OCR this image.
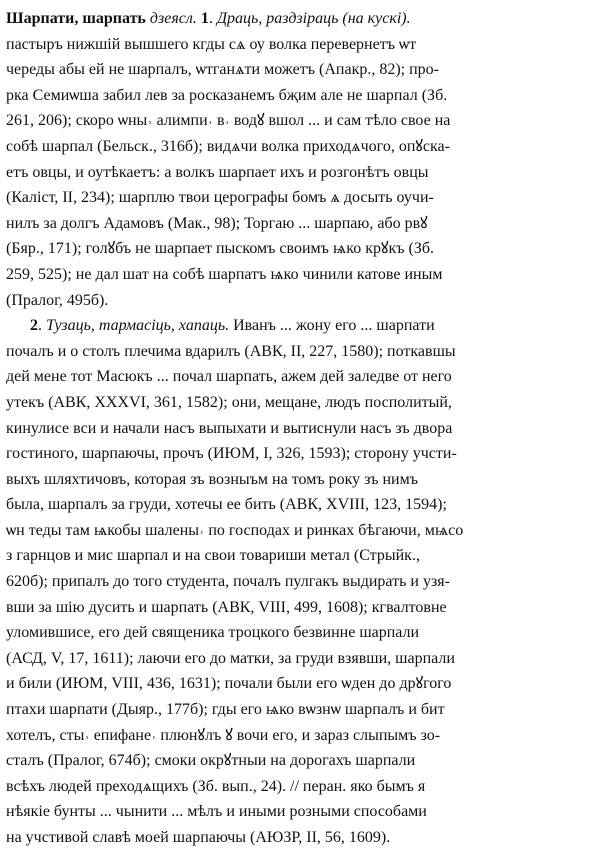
Шарпати, шарпать дзеясл. 1. Драць, раздзіраць (на кускі).
пастыръ нижшій вышшего кгды сѧ оу волка перевернетъ ѡт
череды абы ей не шарпалъ, ѡтганѧти можетъ (Апакр., 82); про-
рка Семиѡша забил лев за росказанемъ бҗим але не шарпал (Зб.
261, 206); скоро ѡны˒ алимпи˒ в˒ водꙋ вшол ... и сам тѣло свое на
собѣ шарпал (Бельск., 316б); видѧчи волка приходѧчого, опꙋска-
етъ овцы, и оутѣкаетъ: а волкъ шарпает ихъ и розгонѣтъ овцы
(Каліст, ІІ, 234); шарплю твои церографы бомъ ѧ досыть оучи-
нилъ за долгъ Адамовъ (Мак., 98); Торгаю ... шарпаю, або рвꙋ
(Бяр., 171); голꙋбъ не шарпает пыскомъ своимъ ѩко крꙋкъ (Зб.
259, 525); не дал шат на собѣ шарпатъ ѩко чинили катове иным
(Пралог, 495б).
2. Тузаць, тармасіць, хапаць. Иванъ ... жону его ... шарпати
почалъ и о столъ плечима вдарилъ (АВК, ІІ, 227, 1580); поткавшы
дей мене тот Масюкъ ... почал шарпать, ажем дей заледве от него
утекъ (АВК, XXXVI, 361, 1582); они, мещане, людъ посполитый,
кинулисе вси и начали насъ выпыхати и вытиснули насъ зъ двора
гостиного, шарпаючы, прочъ (ИЮМ, І, 326, 1593); сторону учсти-
выхъ шляхтичовъ, которая зъ возныъм на томъ року зъ нимъ
была, шарпалъ за груди, хотечы ее бить (АВК, XVIII, 123, 1594);
ѡн теды там ѩкобы шалены˒ по господах и ринках бѣгаючи, мѩсо
з гарнцов и мис шарпал и на свои товариши метал (Стрыйк.,
620б); припалъ до того студента, почалъ пулгакъ выдирать и узя-
вши за шію дусить и шарпать (АВК, VIII, 499, 1608); кгвалтовне
уломившисе, его дей священика троцкого безвинне шарпали
(АСД, V, 17, 1611); лаючи его до матки, за груди взявши, шарпали
и били (ИЮМ, VIII, 436, 1631); почали были его ѡден до дрꙋгого
птахи шарпати (Дыяр., 177б); гды его ѩко вѡзнѡ шарпалъ и бит
хотелъ, сты˒ епифане˒ плюнꙋлъ ꙋ вочи его, и зараз слыпымъ зо-
сталъ (Пралог, 674б); смоки окрꙋтныи на дорогахъ шарпали
всѣхъ людей преходѧщихъ (Зб. вып., 24). // перан. яко бымъ я
нѣякіе бунты ... чынити ... мѣлъ и иными розными способами
на учстивой славѣ моей шарпаючы (АЮЗР, ІІ, 56, 1609).
